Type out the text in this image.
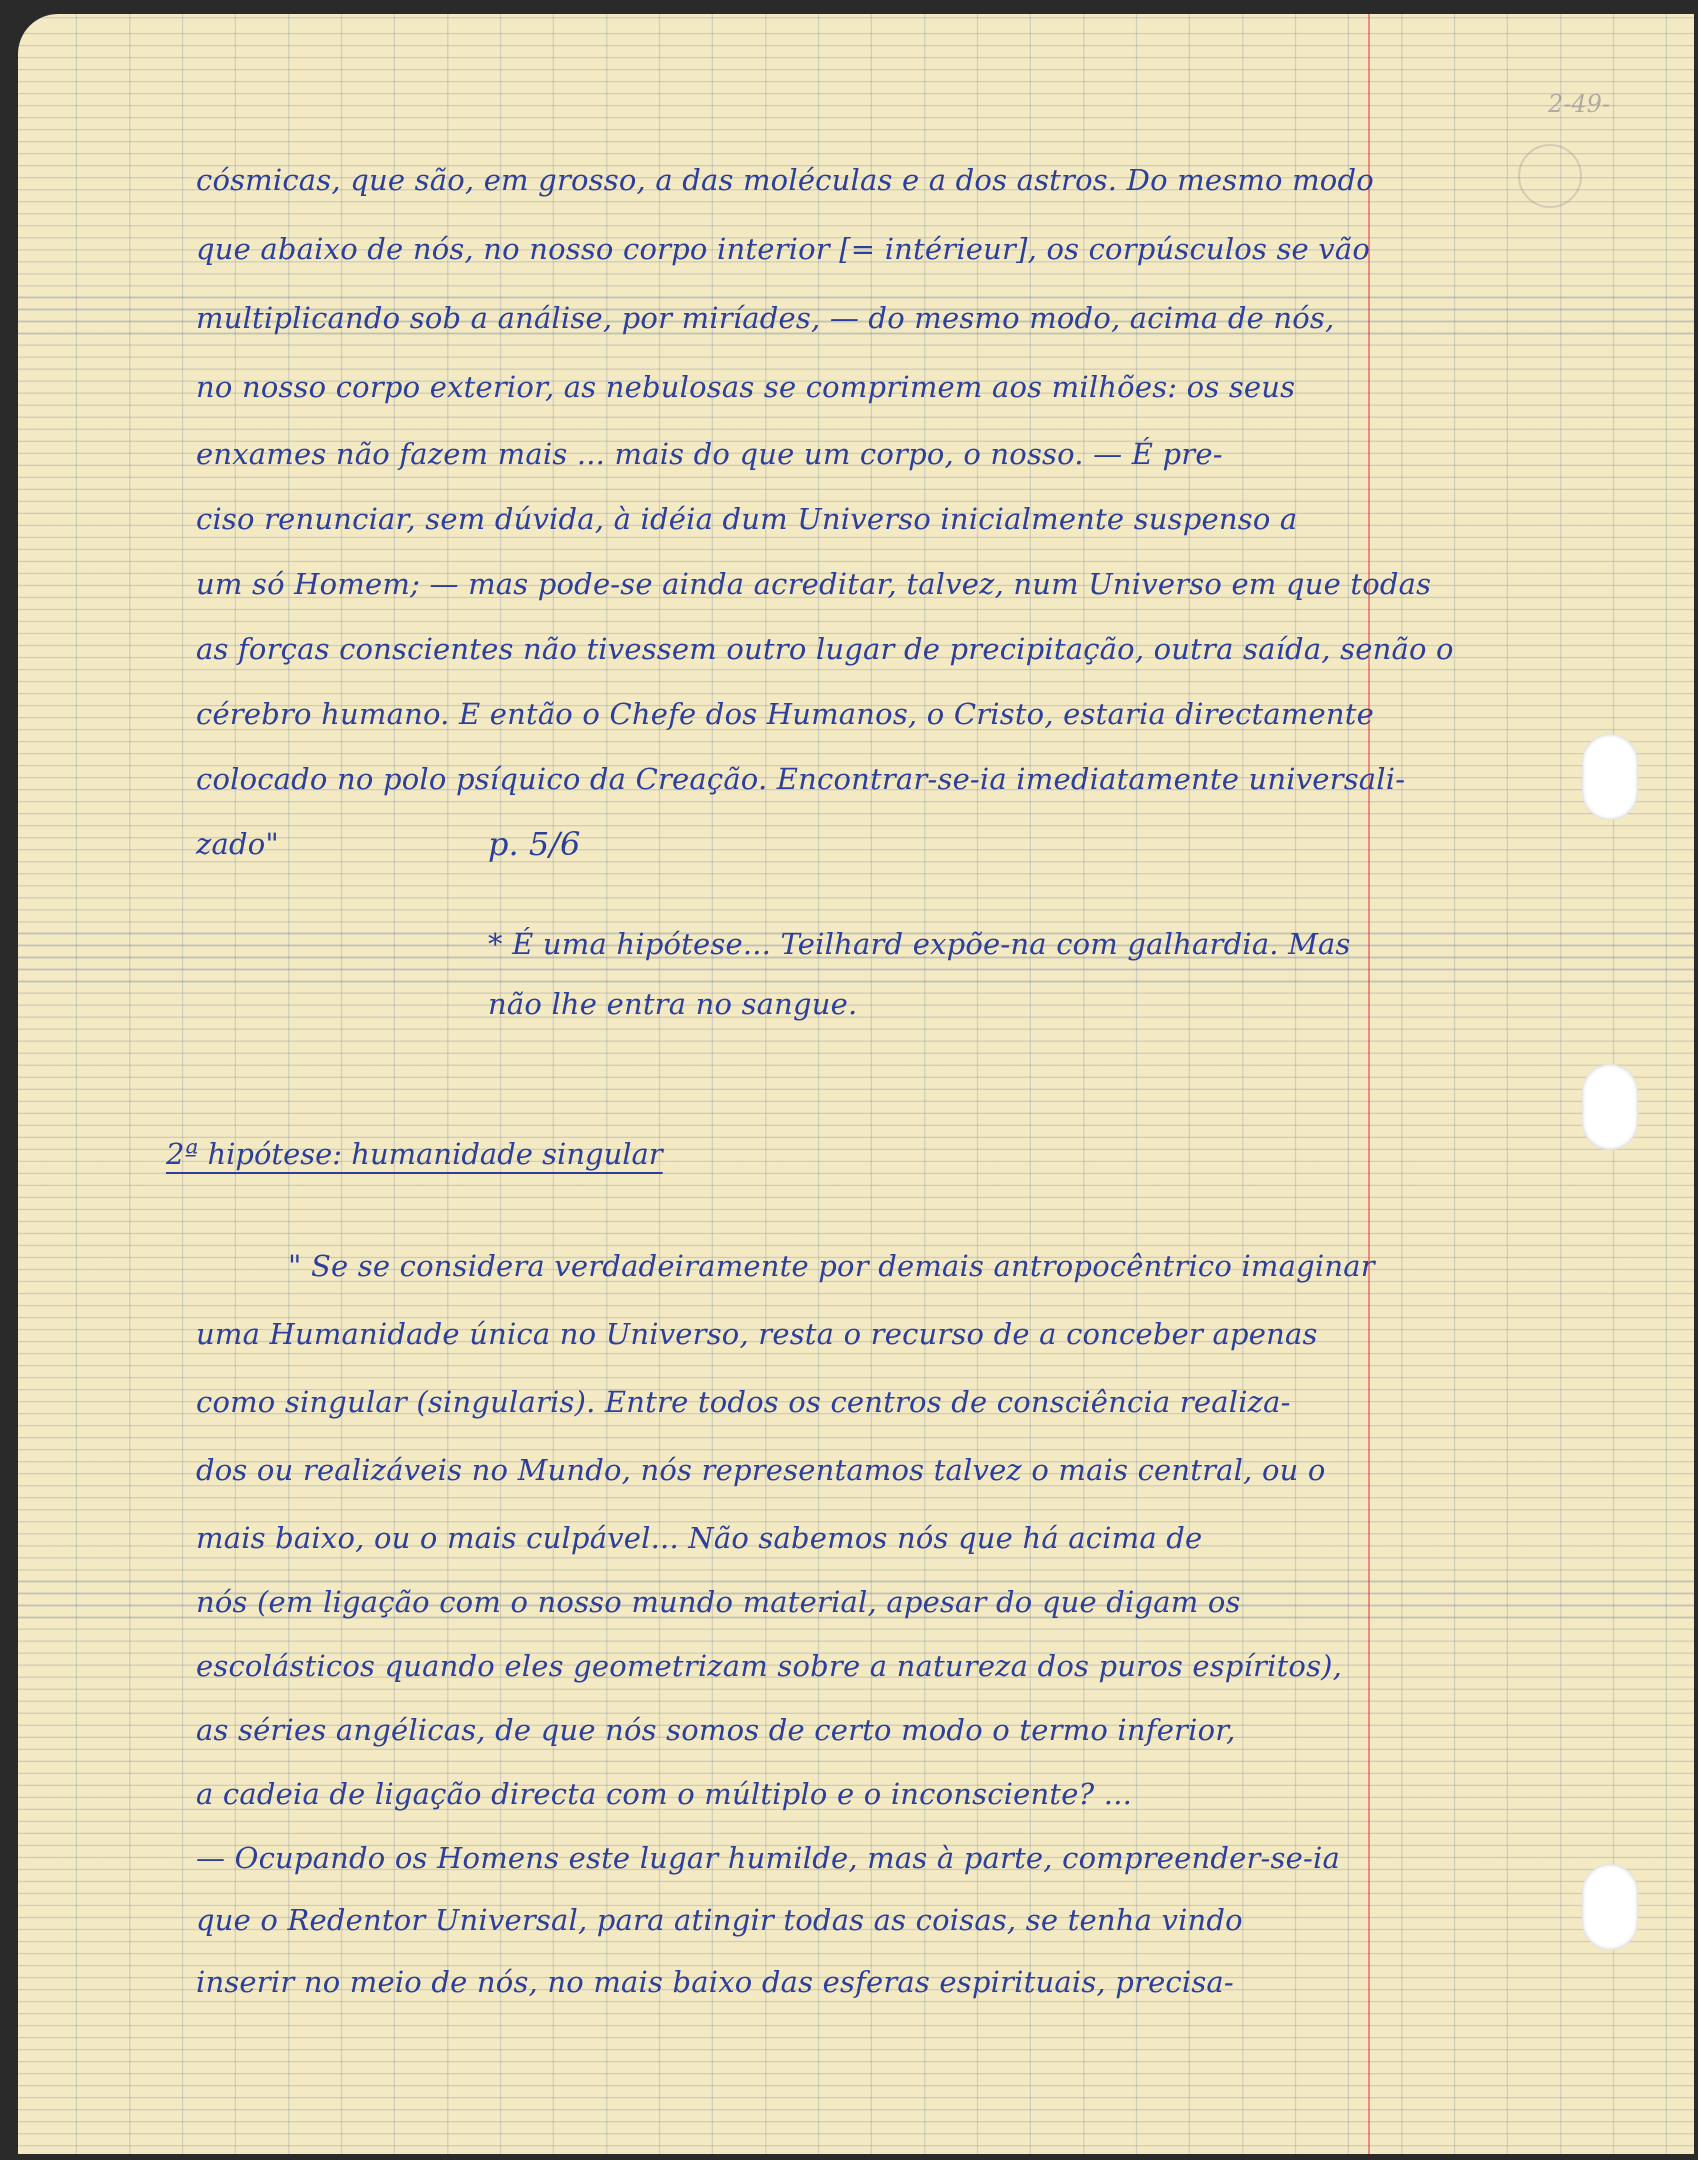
2-49-
cósmicas, que são, em grosso, a das moléculas e a dos astros. Do mesmo modo
que abaixo de nós, no nosso corpo interior [= intérieur], os corpúsculos se vão
multiplicando sob a análise, por miríades, — do mesmo modo, acima de nós,
no nosso corpo exterior, as nebulosas se comprimem aos milhões: os seus
enxames não fazem mais ... mais do que um corpo, o nosso. — É pre-
ciso renunciar, sem dúvida, à idéia dum Universo inicialmente suspenso a
um só Homem; — mas pode-se ainda acreditar, talvez, num Universo em que todas
as forças conscientes não tivessem outro lugar de precipitação, outra saída, senão o
cérebro humano. E então o Chefe dos Humanos, o Cristo, estaria directamente
colocado no polo psíquico da Creação. Encontrar-se-ia imediatamente universali-
zado"	p. 5/6
* É uma hipótese... Teilhard expõe-na com galhardia. Mas
não lhe entra no sangue.
2ª hipótese: humanidade singular
" Se se considera verdadeiramente por demais antropocêntrico imaginar
uma Humanidade única no Universo, resta o recurso de a conceber apenas
como singular (singularis). Entre todos os centros de consciência realiza-
dos ou realizáveis no Mundo, nós representamos talvez o mais central, ou o
mais baixo, ou o mais culpável... Não sabemos nós que há acima de
nós (em ligação com o nosso mundo material, apesar do que digam os
escolásticos quando eles geometrizam sobre a natureza dos puros espíritos),
as séries angélicas, de que nós somos de certo modo o termo inferior,
a cadeia de ligação directa com o múltiplo e o inconsciente? ...
— Ocupando os Homens este lugar humilde, mas à parte, compreender-se-ia
que o Redentor Universal, para atingir todas as coisas, se tenha vindo
inserir no meio de nós, no mais baixo das esferas espirituais, precisa-
